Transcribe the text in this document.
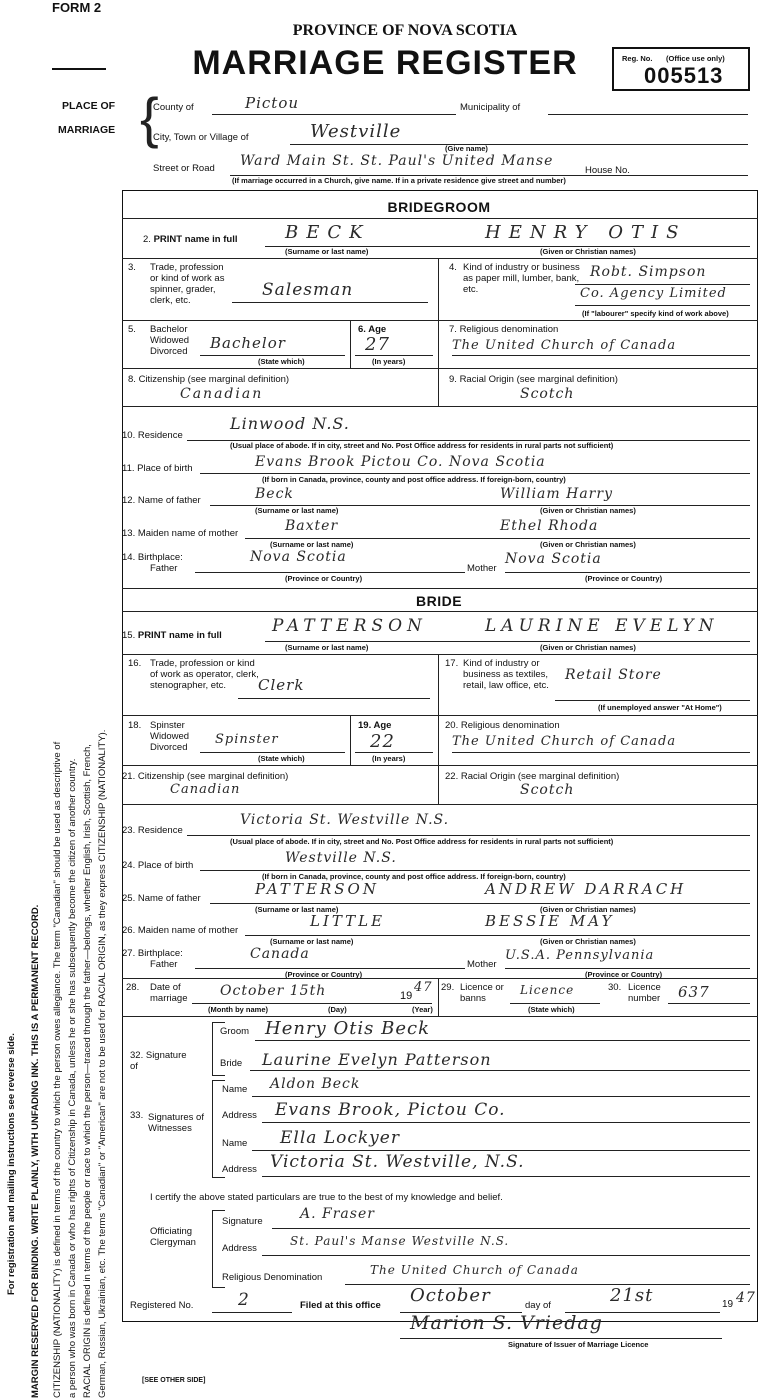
FORM 2
PROVINCE OF NOVA SCOTIA
MARRIAGE REGISTER	Reg. No. (Office use only)
005513
PLACE OF
MARRIAGE {
County of	Pictou	Municipality of
City, Town or Village of	Westville
(Give name)
Street or Road Ward Main St. St. Paul's United Manse
House No.
(If marriage occurred in a Church, give name. If in a private residence give street and number)
BRIDEGROOM
2. PRINT name in full	BECK	HENRY OTIS
(Surname or last name)	(Given or Christian names)
3.	Trade, profession or kind of work as spinner, grader, clerk, etc.
Salesman
4. Kind of industry or business as paper mill, lumber, bank, etc.
Robt. Simpson
Co. Agency Limited
(If "labourer" specify kind of work above)
5. Bachelor Widowed Divorced	Bachelor
(State which)
6. Age
27
(In years)
7. Religious denomination
The United Church of Canada
8. Citizenship (see marginal definition)
Canadian
9. Racial Origin (see marginal definition)
Scotch
10. Residence
Linwood N.S.
(Usual place of abode. If in city, street and No. Post Office address for residents in rural parts not sufficient)
11. Place of birth	Evans Brook Pictou Co. Nova Scotia
(If born in Canada, province, county and post office address. If foreign-born, country)
12. Name of father	Beck	William Harry
(Surname or last name)	(Given or Christian names)
13. Maiden name of mother	Baxter	Ethel Rhoda
(Surname or last name)	(Given or Christian names)
14. Birthplace:
Father
Nova Scotia
Mother
Nova Scotia
(Province or Country)	(Province or Country)
BRIDE
15. PRINT name in full	PATTERSON	LAURINE EVELYN
(Surname or last name)	(Given or Christian names)
16. Trade, profession or kind of work as operator, clerk, stenographer, etc.	Clerk
17. Kind of industry or business as textiles, retail, law office, etc.
Retail Store
(If unemployed answer "At Home")
18. Spinster Widowed Divorced
Spinster
(State which)
19. Age
22
(In years)
20. Religious denomination
The United Church of Canada
21. Citizenship (see marginal definition)
Canadian
22. Racial Origin (see marginal definition)
Scotch
23. Residence
Victoria St. Westville N.S.
(Usual place of abode. If in city, street and No. Post Office address for residents in rural parts not sufficient)
24. Place of birth	Westville N.S.
(If born in Canada, province, county and post office address. If foreign-born, country)
25. Name of father
PATTERSON	ANDREW DARRACH
(Surname or last name)	(Given or Christian names)
26. Maiden name of mother
LITTLE	BESSIE MAY
(Surname or last name)	(Given or Christian names)
27. Birthplace:
Father
Canada
Mother
U.S.A. Pennsylvania
(Province or Country)	(Province or Country)
28. Date of marriage October 15th	19
47
(Month by name)	(Day)	(Year)
29. Licence or banns
Licence
(State which)
30. Licence number	637
32. Signature of
Groom Henry Otis Beck
Bride Laurine Evelyn Patterson
33. Signatures of Witnesses
Name Aldon Beck
Address Evans Brook, Pictou Co.
Name Ella Lockyer
Address Victoria St. Westville, N.S.
I certify the above stated particulars are true to the best of my knowledge and belief.
Officiating Clergyman
Signature	A. Fraser
Address
St. Paul's Manse Westville N.S.
Religious Denomination
The United Church of Canada
Registered No.	2	Filed at this office October	day of	21st	19 47
Marion S. Vriedag
Signature of Issuer of Marriage Licence
[SEE OTHER SIDE]
For registration and mailing instructions see reverse side. MARGIN RESERVED FOR BINDING. WRITE PLAINLY, WITH UNFADING INK. THIS IS A PERMANENT RECORD. CITIZENSHIP (NATIONALITY) is defined in terms of the country to which the person owes allegiance. The term "Canadian" should be used as descriptive of a person who was born in Canada or who has rights of Citizenship in Canada, unless he or she has subsequently become the citizen of another country. RACIAL ORIGIN is defined in terms of the people or race to which the person—traced through the father—belongs, whether English, Irish, Scottish, French, German, Russian, Ukrainian, etc. The terms "Canadian" or "American" are not to be used for RACIAL ORIGIN, as they express CITIZENSHIP (NATIONALITY).
